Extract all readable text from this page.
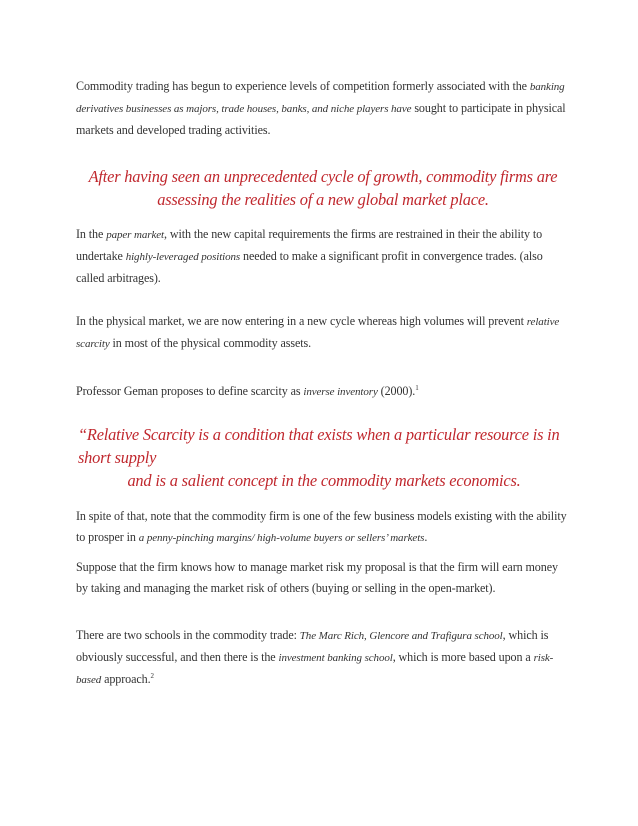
Commodity trading has begun to experience levels of competition formerly associated with the banking derivatives businesses as majors, trade houses, banks, and niche players have sought to participate in physical markets and developed trading activities.

After having seen an unprecedented cycle of growth, commodity firms are assessing the realities of a new global market place.

In the paper market, with the new capital requirements the firms are restrained in their the ability to undertake highly-leveraged positions needed to make a significant profit in convergence trades. (also called arbitrages).

In the physical market, we are now entering in a new cycle whereas high volumes will prevent relative scarcity in most of the physical commodity assets.

Professor Geman proposes to define scarcity as inverse inventory (2000).$^1$

“Relative Scarcity is a condition that exists when a particular resource is in short supply
and is a salient concept in the commodity markets economics.

In spite of that, note that the commodity firm is one of the few business models existing with the ability to prosper in a penny-pinching margins/ high-volume buyers or sellers’ markets.

Suppose that the firm knows how to manage market risk my proposal is that the firm will earn money by taking and managing the market risk of others (buying or selling in the open-market).

There are two schools in the commodity trade: The Marc Rich, Glencore and Trafigura school, which is obviously successful, and then there is the investment banking school, which is more based upon a risk-based approach.$^2$
